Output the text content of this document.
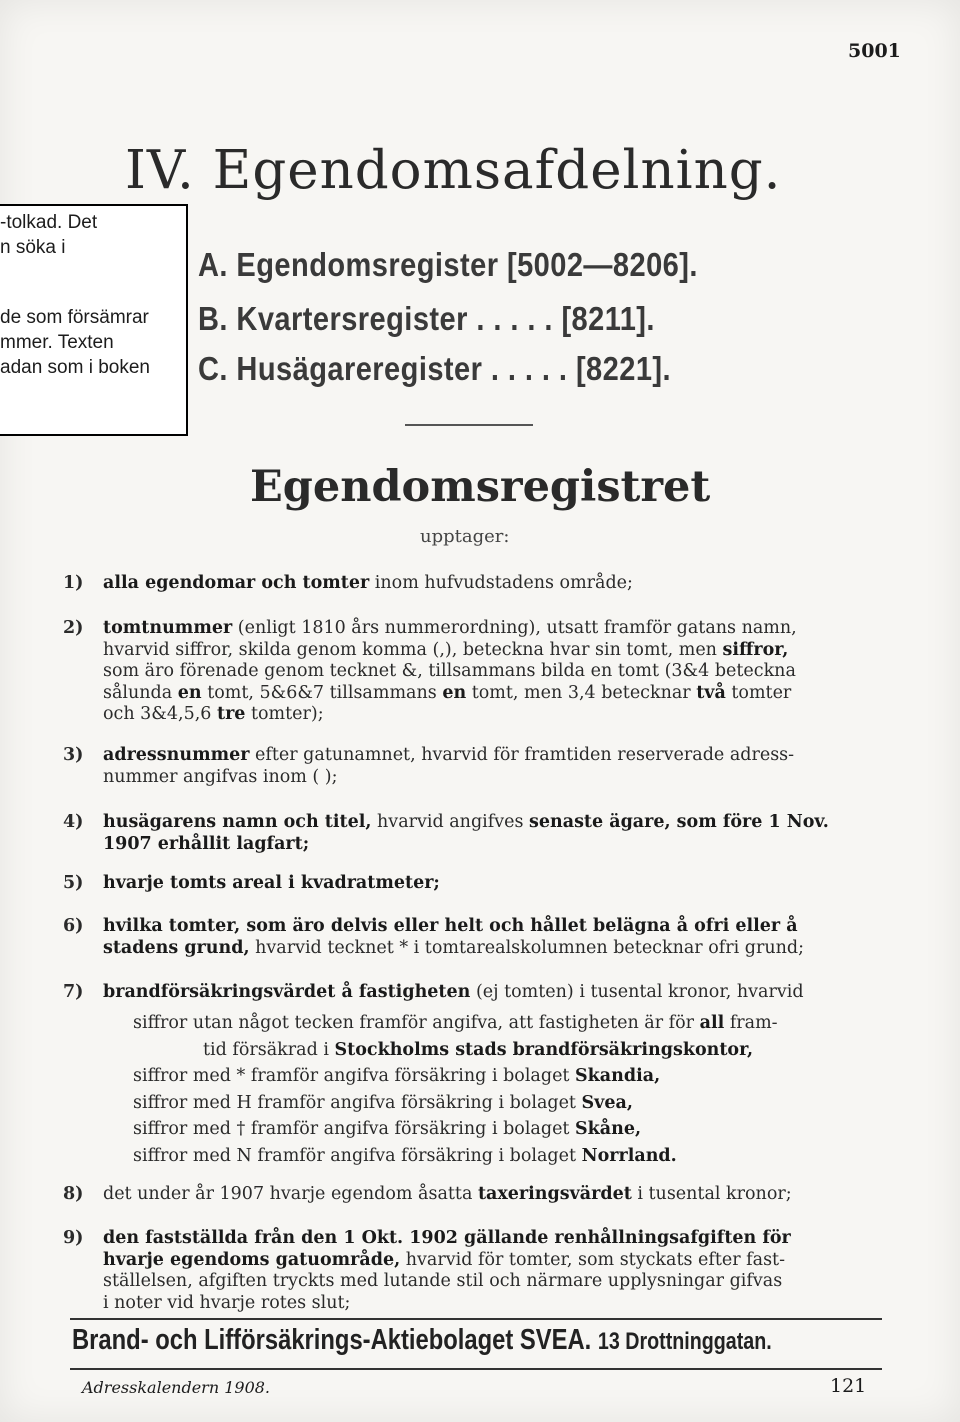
5001
IV. Egendomsafdelning.
A. Egendomsregister [5002—8206].
B. Kvartersregister . . . . . [8211].
C. Husägareregister . . . . . [8221].
-tolkad. Det
n söka i
de som försämrar
mmer. Texten
adan som i boken
Egendomsregistret
upptager:
1) alla egendomar och tomter inom hufvudstadens område;
2) tomtnummer (enligt 1810 års nummerordning), utsatt framför gatans namn,
hvarvid siffror, skilda genom komma (,), beteckna hvar sin tomt, men siffror,
som äro förenade genom tecknet &, tillsammans bilda en tomt (3&4 beteckna
sålunda en tomt, 5&6&7 tillsammans en tomt, men 3,4 betecknar två tomter
och 3&4,5,6 tre tomter);
3) adressnummer efter gatunamnet, hvarvid för framtiden reserverade adress-
nummer angifvas inom ( );
4) husägarens namn och titel, hvarvid angifves senaste ägare, som före 1 Nov.
1907 erhållit lagfart;
5) hvarje tomts areal i kvadratmeter;
6) hvilka tomter, som äro delvis eller helt och hållet belägna å ofri eller å
stadens grund, hvarvid tecknet * i tomtarealskolumnen betecknar ofri grund;
7) brandförsäkringsvärdet å fastigheten (ej tomten) i tusental kronor, hvarvid
8) det under år 1907 hvarje egendom åsatta taxeringsvärdet i tusental kronor;
9) den fastställda från den 1 Okt. 1902 gällande renhållningsafgiften för
hvarje egendoms gatuområde, hvarvid för tomter, som styckats efter fast-
ställelsen, afgiften tryckts med lutande stil och närmare upplysningar gifvas
i noter vid hvarje rotes slut;
siffror utan något tecken framför angifva, att fastigheten är för all fram-
tid försäkrad i Stockholms stads brandförsäkringskontor,
siffror med * framför angifva försäkring i bolaget Skandia,
siffror med H framför angifva försäkring i bolaget Svea,
siffror med † framför angifva försäkring i bolaget Skåne,
siffror med N framför angifva försäkring i bolaget Norrland.
Brand- och Lifförsäkrings-Aktiebolaget SVEA. 13 Drottninggatan.
Adresskalendern 1908.	121
